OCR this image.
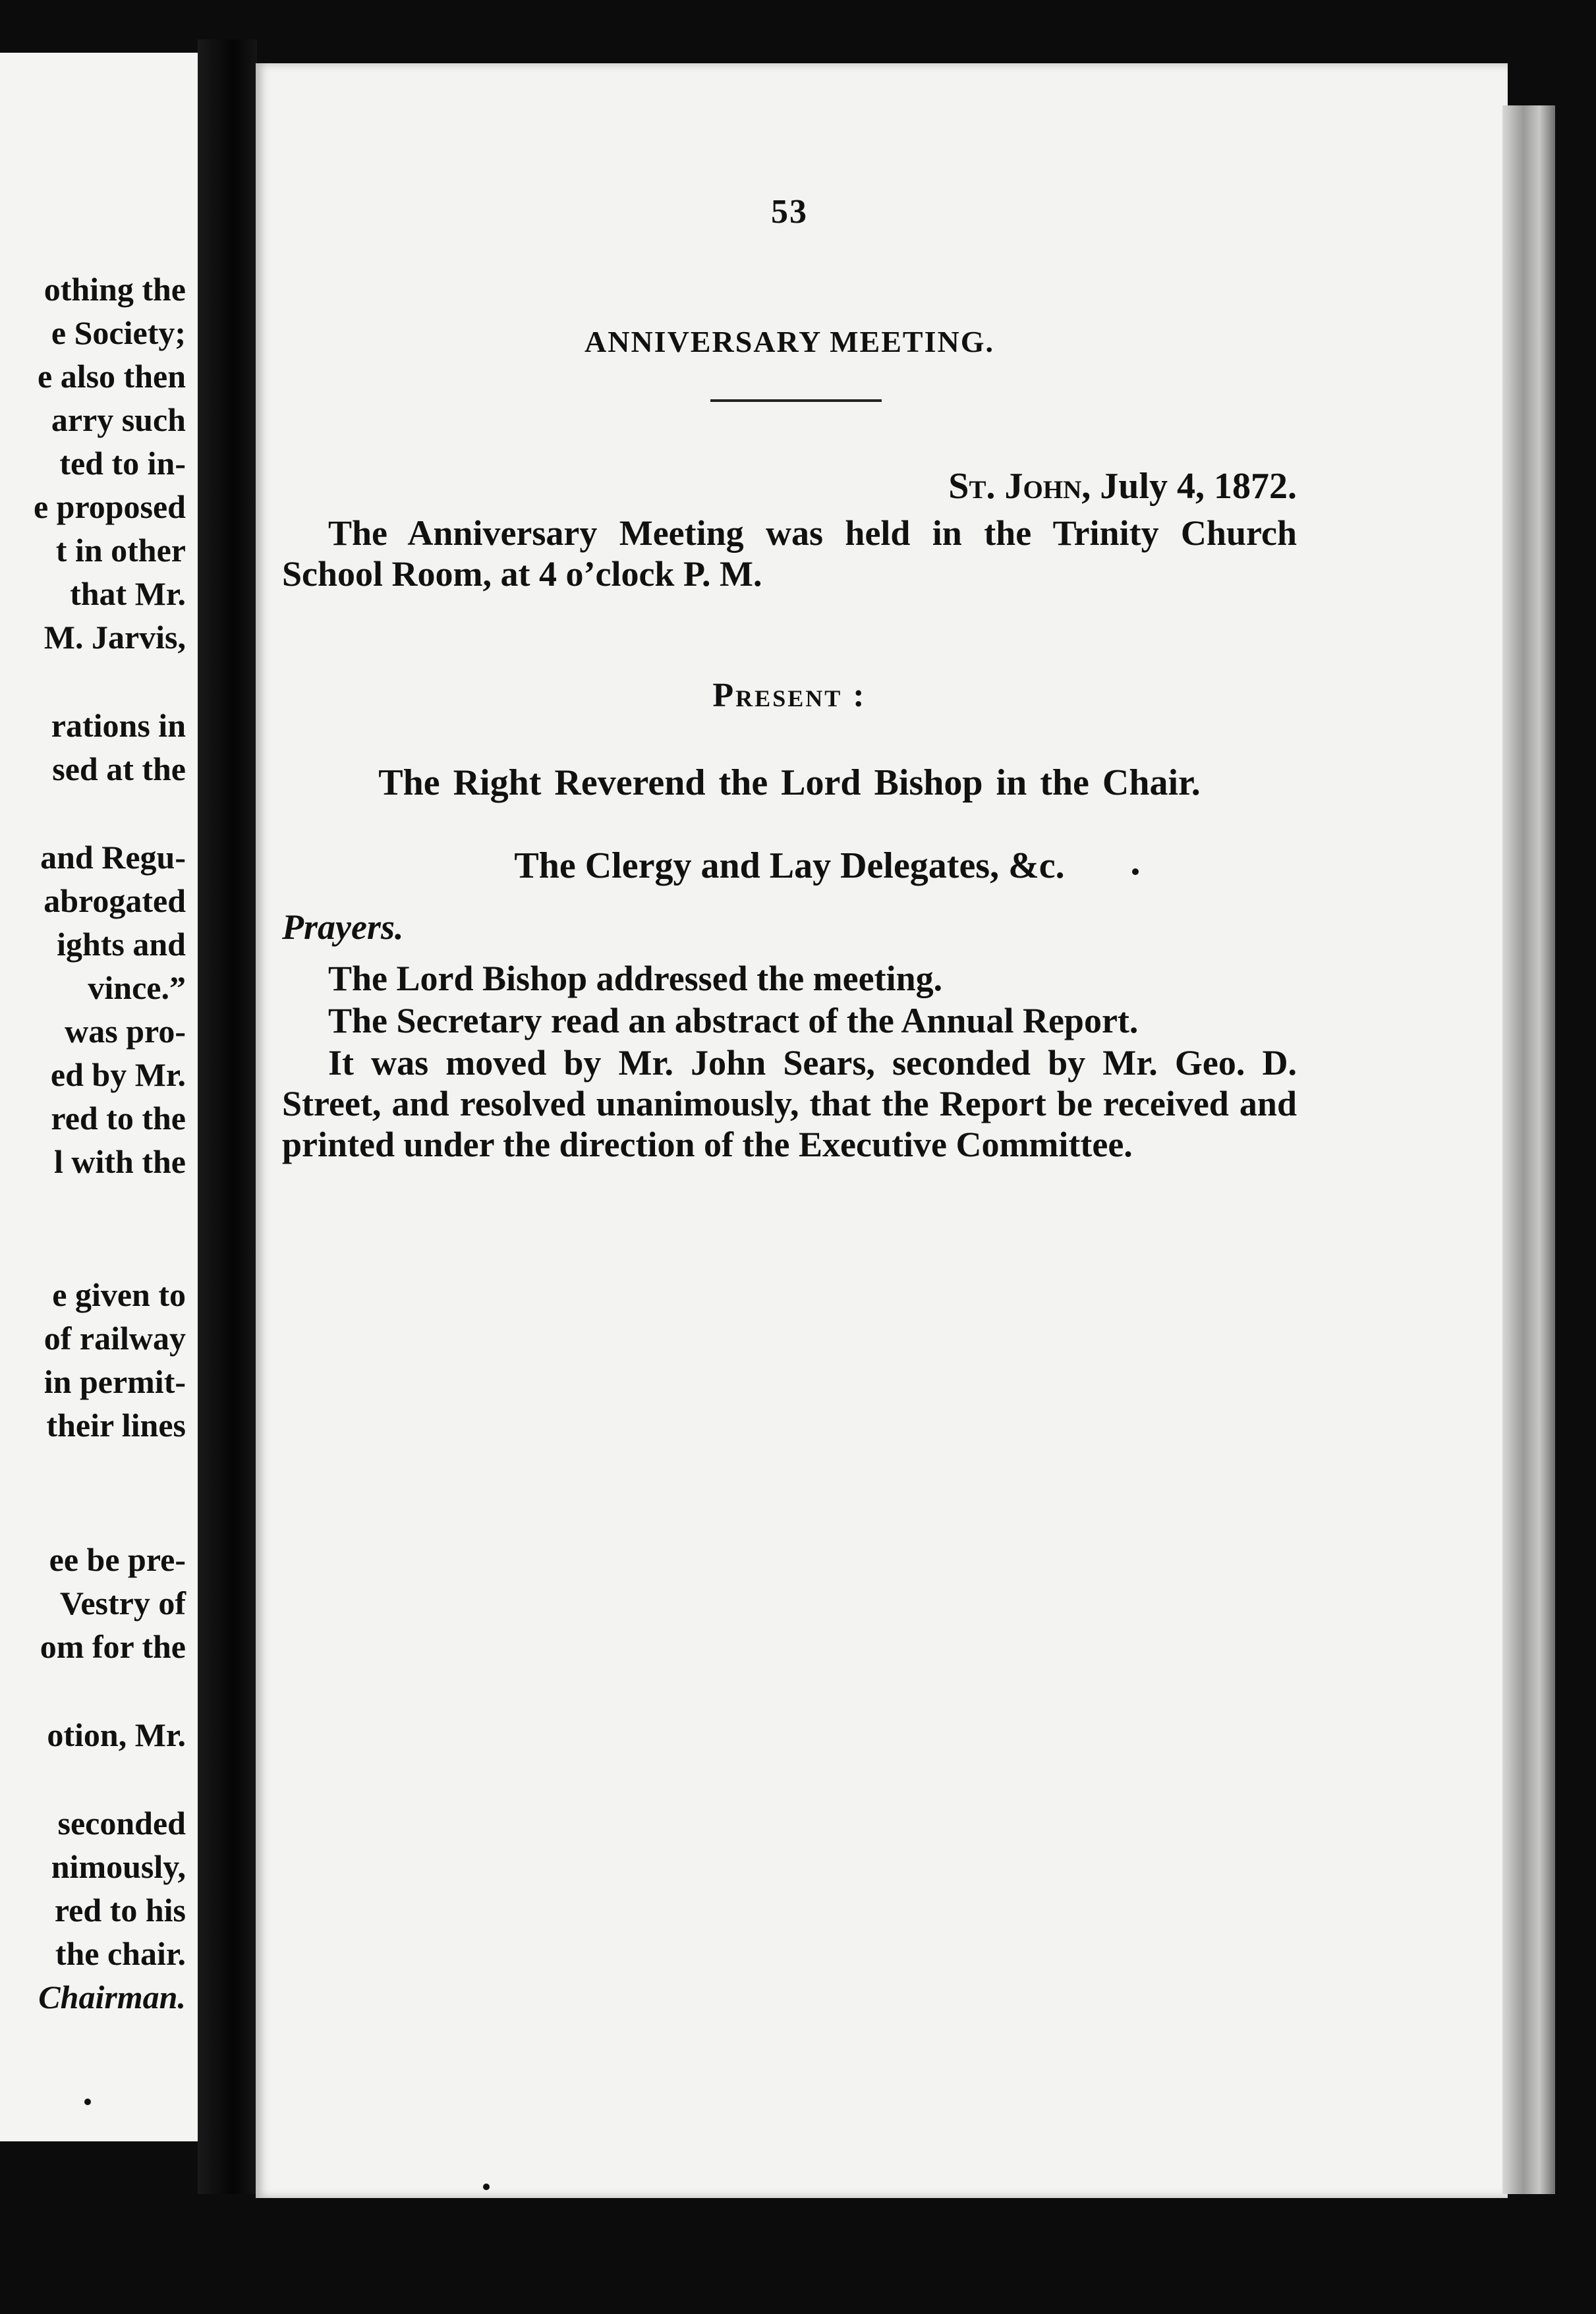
othing the
e Society;
e also then
arry such
ted to in-
e proposed
t in other
that Mr.
M. Jarvis,
rations in
sed at the
and Regu-
abrogated
ights and
vince.”
was pro-
ed by Mr.
red to the
l with the
e given to
of railway
in permit-
their lines
ee be pre-
Vestry of
om for the
otion, Mr.
seconded
nimously,
red to his
the chair.
Chairman.
53
ANNIVERSARY MEETING.
St. John, July 4, 1872.
The Anniversary Meeting was held in the Trinity Church School Room, at 4 o’clock P. M.
Present :
The Right Reverend the Lord Bishop in the Chair.
The Clergy and Lay Delegates, &c.
Prayers.
The Lord Bishop addressed the meeting.
The Secretary read an abstract of the Annual Report.
It was moved by Mr. John Sears, seconded by Mr. Geo. D. Street, and resolved unanimously, that the Report be received and printed under the direction of the Executive Committee.
